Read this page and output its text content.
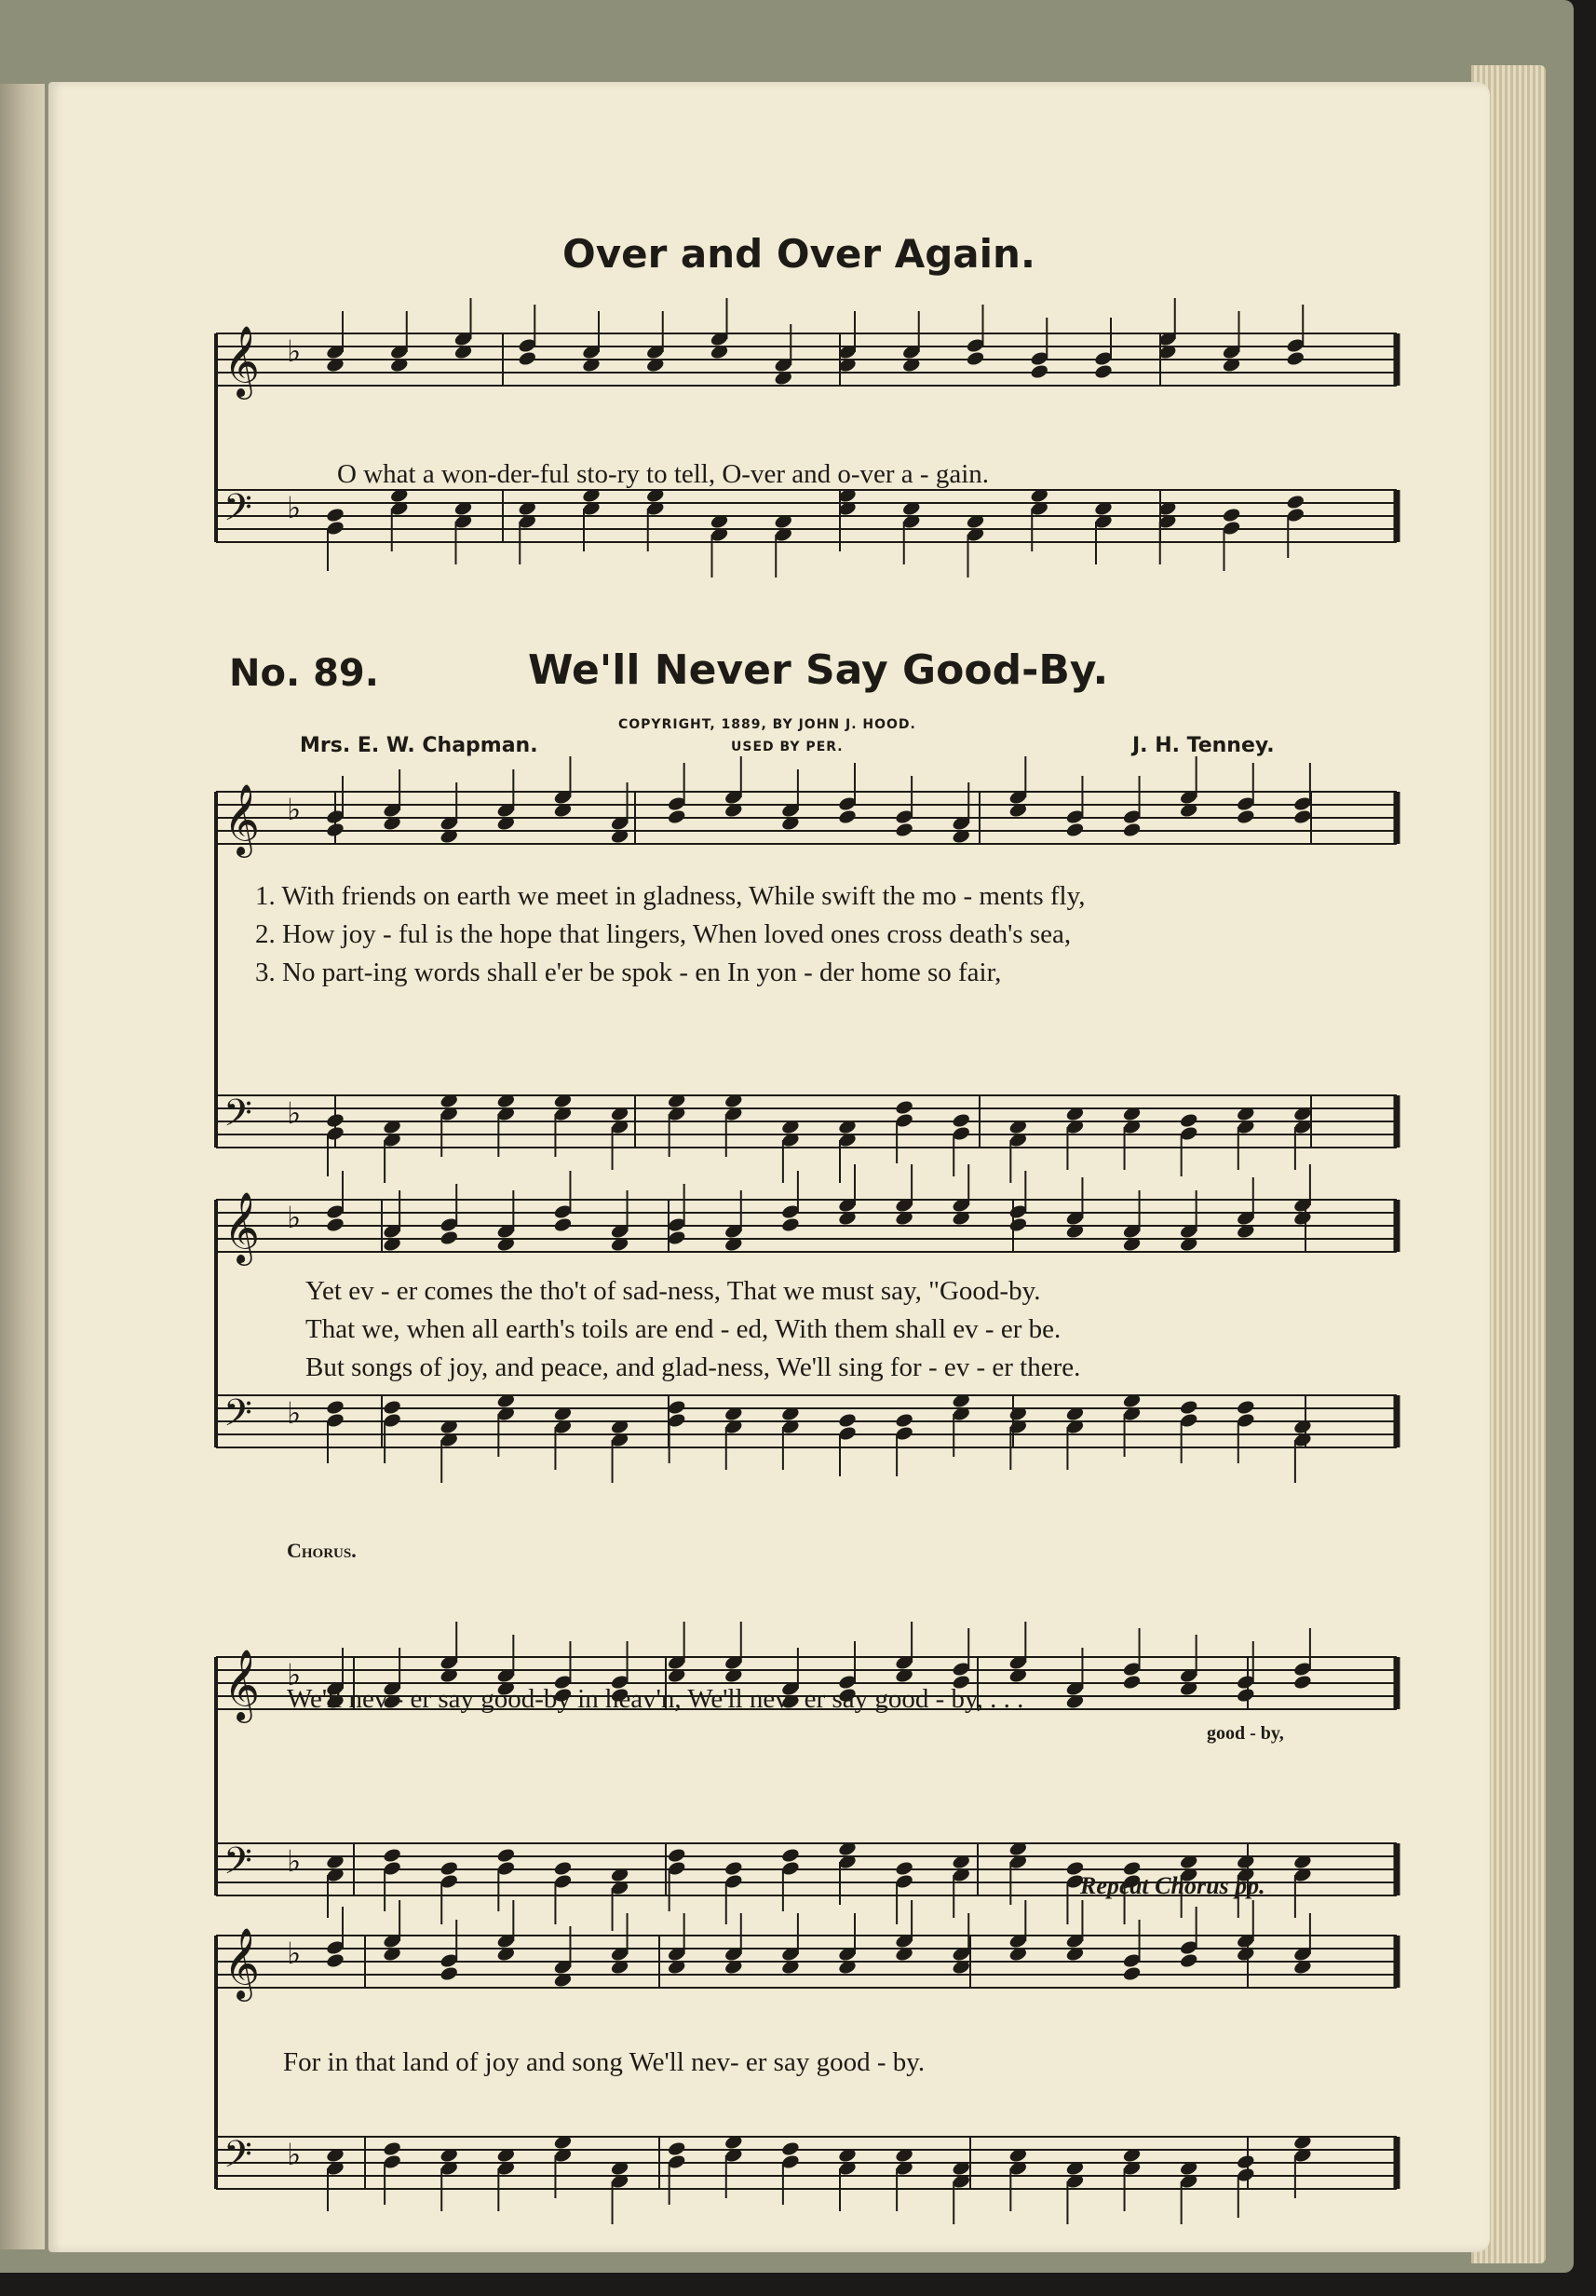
Over and Over Again.
𝄞 ♭
𝄢 ♭
O what a won-der-ful sto-ry to tell, O-ver and o-ver a - gain.
No. 89.	We'll Never Say Good-By.
Mrs. E. W. Chapman.
COPYRIGHT, 1889, BY JOHN J. HOOD.
USED BY PER.	J. H. Tenney.
𝄞 ♭
𝄢 ♭
1. With friends on earth we meet in gladness, While swift the mo - ments fly,
2. How joy - ful is the hope that lingers, When loved ones cross death's sea,
3. No part-ing words shall e'er be spok - en In yon - der home so fair,
𝄞 ♭
𝄢 ♭
Yet ev - er comes the tho't of sad-ness, That we must say, "Good-by.
That we, when all earth's toils are end - ed, With them shall ev - er be.
But songs of joy, and peace, and glad-ness, We'll sing for - ev - er there.
Chorus.
𝄞 ♭
𝄢 ♭
We'll nev - er say good-by in heav'n, We'll nev- er say good - by, . . .
good - by,
Repeat Chorus pp.
𝄞 ♭
𝄢 ♭
For in that land of joy and song We'll nev- er say good - by.
